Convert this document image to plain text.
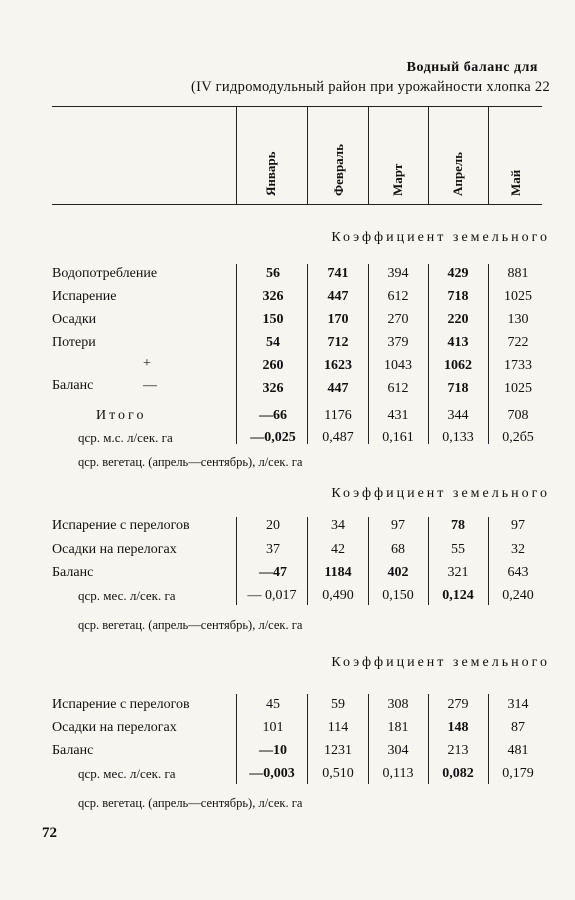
Водный баланс для
(IV гидромодульный район при урожайности хлопка 22
Январь	Февраль	Март	Апрель	Май
Коэффициент земельного
Водопотребление	56	741	394	429	881
Испарение	326	447	612	718	1025
Осадки	150	170	270	220	130
Потери	54	712	379	413	722
+	260	1623	1043	1062	1733
Баланс	—	326	447	612	718	1025
Итого	—66	1176	431	344	708
qср. м.с. л/сек. га	—0,025	0,487	0,161	0,133	0,2б5
qср. вегетац. (апрель—сентябрь), л/сек. га
Коэффициент земельного
Испарение с перелогов	20	34	97	78	97
Осадки на перелогах	37	42	68	55	32
Баланс	—47	1184	402	321	643
qср. мес. л/сек. га	— 0,017	0,490	0,150	0,124	0,240
qср. вегетац. (апрель—сентябрь), л/сек. га
Коэффициент земельного
Испарение с перелогов	45	59	308	279	314
Осадки на перелогах	101	114	181	148	87
Баланс	—10	1231	304	213	481
qср. мес. л/сек. га	—0,003	0,510	0,113	0,082	0,179
qср. вегетац. (апрель—сентябрь), л/сек. га
72
